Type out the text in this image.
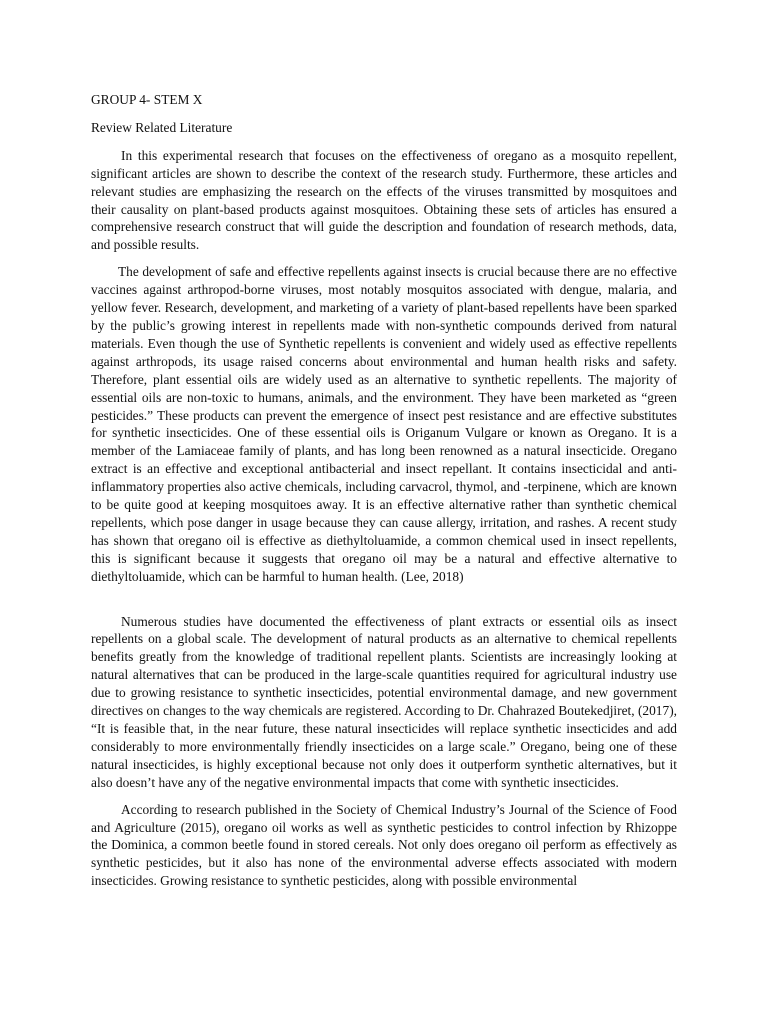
GROUP 4- STEM X

Review Related Literature

In this experimental research that focuses on the effectiveness of oregano as a mosquito repellent, significant articles are shown to describe the context of the research study. Furthermore, these articles and relevant studies are emphasizing the research on the effects of the viruses transmitted by mosquitoes and their causality on plant-based products against mosquitoes. Obtaining these sets of articles has ensured a comprehensive research construct that will guide the description and foundation of research methods, data, and possible results.

The development of safe and effective repellents against insects is crucial because there are no effective vaccines against arthropod-borne viruses, most notably mosquitos associated with dengue, malaria, and yellow fever. Research, development, and marketing of a variety of plant-based repellents have been sparked by the public’s growing interest in repellents made with non-synthetic compounds derived from natural materials. Even though the use of Synthetic repellents is convenient and widely used as effective repellents against arthropods, its usage raised concerns about environmental and human health risks and safety. Therefore, plant essential oils are widely used as an alternative to synthetic repellents. The majority of essential oils are non-toxic to humans, animals, and the environment. They have been marketed as “green pesticides.” These products can prevent the emergence of insect pest resistance and are effective substitutes for synthetic insecticides. One of these essential oils is Origanum Vulgare or known as Oregano. It is a member of the Lamiaceae family of plants, and has long been renowned as a natural insecticide. Oregano extract is an effective and exceptional antibacterial and insect repellant. It contains insecticidal and anti-inflammatory properties also active chemicals, including carvacrol, thymol, and -terpinene, which are known to be quite good at keeping mosquitoes away. It is an effective alternative rather than synthetic chemical repellents, which pose danger in usage because they can cause allergy, irritation, and rashes. A recent study has shown that oregano oil is effective as diethyltoluamide, a common chemical used in insect repellents, this is significant because it suggests that oregano oil may be a natural and effective alternative to diethyltoluamide, which can be harmful to human health. (Lee, 2018)

Numerous studies have documented the effectiveness of plant extracts or essential oils as insect repellents on a global scale. The development of natural products as an alternative to chemical repellents benefits greatly from the knowledge of traditional repellent plants. Scientists are increasingly looking at natural alternatives that can be produced in the large-scale quantities required for agricultural industry use due to growing resistance to synthetic insecticides, potential environmental damage, and new government directives on changes to the way chemicals are registered. According to Dr. Chahrazed Boutekedjiret, (2017), “It is feasible that, in the near future, these natural insecticides will replace synthetic insecticides and add considerably to more environmentally friendly insecticides on a large scale.” Oregano, being one of these natural insecticides, is highly exceptional because not only does it outperform synthetic alternatives, but it also doesn’t have any of the negative environmental impacts that come with synthetic insecticides.

According to research published in the Society of Chemical Industry’s Journal of the Science of Food and Agriculture (2015), oregano oil works as well as synthetic pesticides to control infection by Rhizoppe the Dominica, a common beetle found in stored cereals. Not only does oregano oil perform as effectively as synthetic pesticides, but it also has none of the environmental adverse effects associated with modern insecticides. Growing resistance to synthetic pesticides, along with possible environmental
